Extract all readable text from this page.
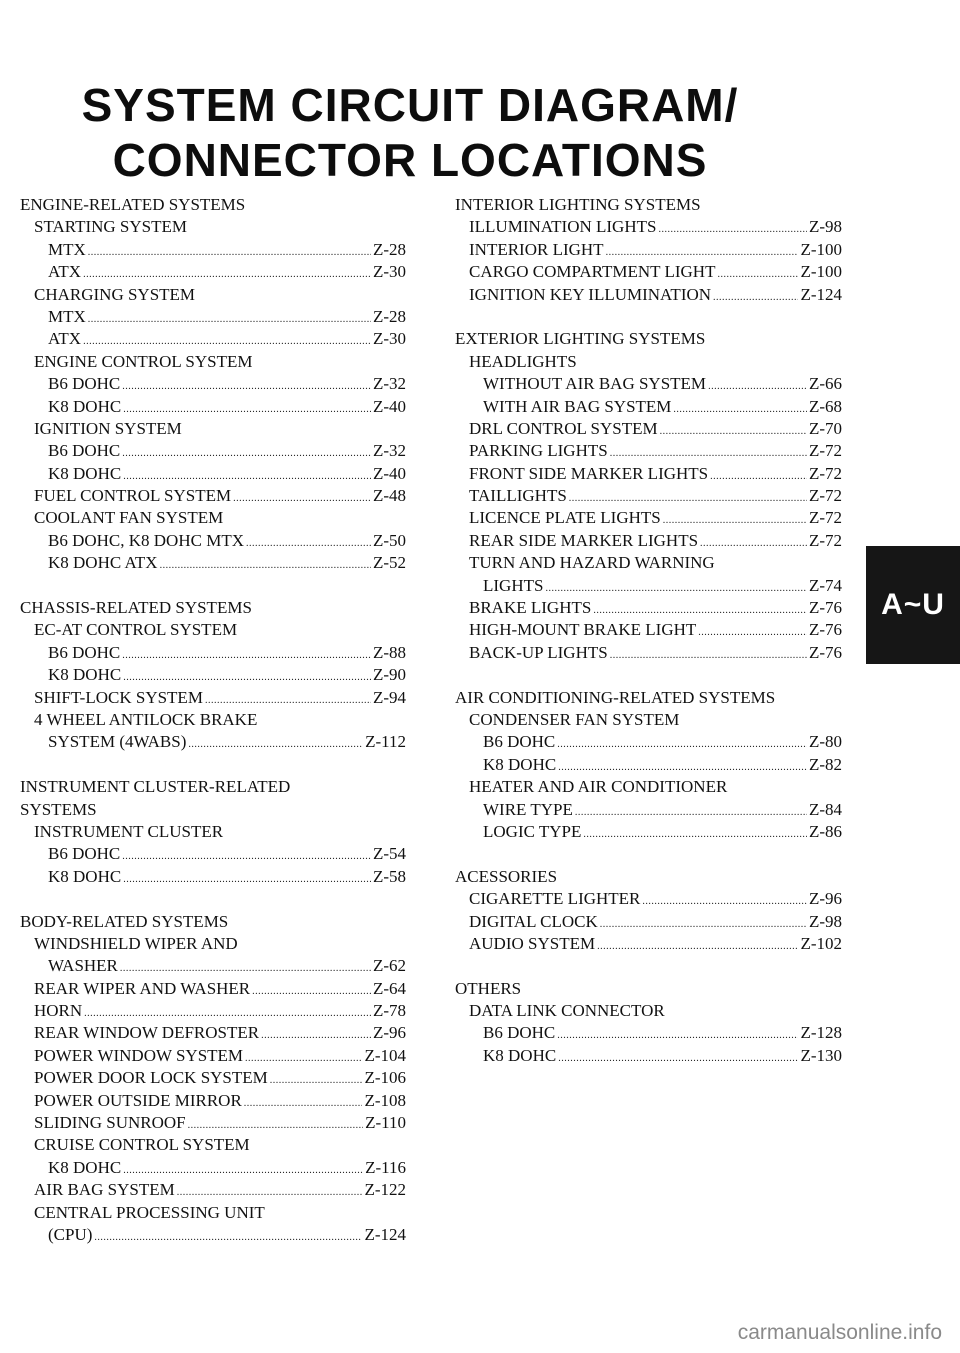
SYSTEM CIRCUIT DIAGRAM/
CONNECTOR LOCATIONS
ENGINE-RELATED SYSTEMS
STARTING SYSTEM
MTX .....	Z-28
ATX .....	Z-30
CHARGING SYSTEM
MTX .....	Z-28
ATX .....	Z-30
ENGINE CONTROL SYSTEM
B6 DOHC .....	Z-32
K8 DOHC .....	Z-40
IGNITION SYSTEM
B6 DOHC .....	Z-32
K8 DOHC .....	Z-40
FUEL CONTROL SYSTEM .....	Z-48
COOLANT FAN SYSTEM
B6 DOHC, K8 DOHC MTX .....	Z-50
K8 DOHC ATX .....	Z-52
CHASSIS-RELATED SYSTEMS
EC-AT CONTROL SYSTEM
B6 DOHC .....	Z-88
K8 DOHC .....	Z-90
SHIFT-LOCK SYSTEM .....	Z-94
4 WHEEL ANTILOCK BRAKE
SYSTEM (4WABS) .....	Z-112
INSTRUMENT CLUSTER-RELATED
SYSTEMS
INSTRUMENT CLUSTER
B6 DOHC .....	Z-54
K8 DOHC .....	Z-58
BODY-RELATED SYSTEMS
WINDSHIELD WIPER AND
WASHER .....	Z-62
REAR WIPER AND WASHER .....	Z-64
HORN .....	Z-78
REAR WINDOW DEFROSTER .....	Z-96
POWER WINDOW SYSTEM .....	Z-104
POWER DOOR LOCK SYSTEM .....	Z-106
POWER OUTSIDE MIRROR .....	Z-108
SLIDING SUNROOF .....	Z-110
CRUISE CONTROL SYSTEM
K8 DOHC .....	Z-116
AIR BAG SYSTEM .....	Z-122
CENTRAL PROCESSING UNIT
(CPU) .....	Z-124
INTERIOR LIGHTING SYSTEMS
ILLUMINATION LIGHTS .....	Z-98
INTERIOR LIGHT .....	Z-100
CARGO COMPARTMENT LIGHT .....	Z-100
IGNITION KEY ILLUMINATION .....	Z-124
EXTERIOR LIGHTING SYSTEMS
HEADLIGHTS
WITHOUT AIR BAG SYSTEM .....	Z-66
WITH AIR BAG SYSTEM .....	Z-68
DRL CONTROL SYSTEM .....	Z-70
PARKING LIGHTS .....	Z-72
FRONT SIDE MARKER LIGHTS .....	Z-72
TAILLIGHTS .....	Z-72
LICENCE PLATE LIGHTS .....	Z-72
REAR SIDE MARKER LIGHTS .....	Z-72
TURN AND HAZARD WARNING
LIGHTS .....	Z-74
BRAKE LIGHTS .....	Z-76
HIGH-MOUNT BRAKE LIGHT .....	Z-76
BACK-UP LIGHTS .....	Z-76
AIR CONDITIONING-RELATED SYSTEMS
CONDENSER FAN SYSTEM
B6 DOHC .....	Z-80
K8 DOHC .....	Z-82
HEATER AND AIR CONDITIONER
WIRE TYPE .....	Z-84
LOGIC TYPE .....	Z-86
ACESSORIES
CIGARETTE LIGHTER .....	Z-96
DIGITAL CLOCK .....	Z-98
AUDIO SYSTEM .....	Z-102
OTHERS
DATA LINK CONNECTOR
B6 DOHC .....	Z-128
K8 DOHC .....	Z-130
A~U
carmanualsonline.info
